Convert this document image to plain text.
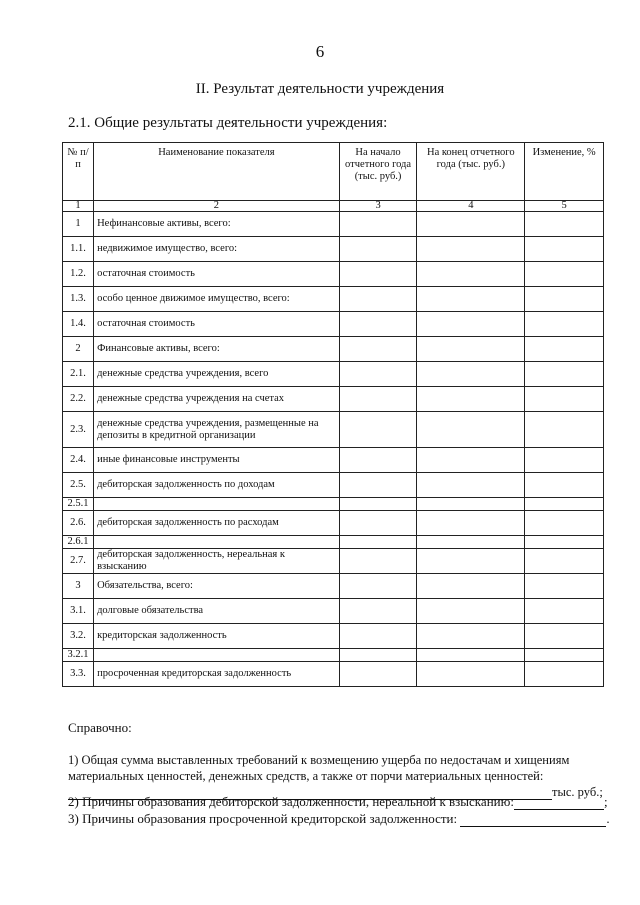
6
II. Результат деятельности учреждения
2.1. Общие результаты деятельности учреждения:
№ п/п	Наименование показателя	На начало отчетного года (тыс. руб.)	На конец отчетного года (тыс. руб.)	Изменение, %
1	2	3	4	5
1	Нефинансовые активы, всего:			
1.1.	недвижимое имущество, всего:			
1.2.	остаточная стоимость			
1.3.	особо ценное движимое имущество, всего:			
1.4.	остаточная стоимость			
2	Финансовые активы, всего:			
2.1.	денежные средства учреждения, всего			
2.2.	денежные средства учреждения на счетах			
2.3.	денежные средства учреждения, размещенные на депозиты в кредитной организации			
2.4.	иные финансовые инструменты			
2.5.	дебиторская задолженность по доходам			
2.5.1				
2.6.	дебиторская задолженность по расходам			
2.6.1				
2.7.	дебиторская задолженность, нереальная к взысканию			
3	Обязательства, всего:			
3.1.	долговые обязательства			
3.2.	кредиторская задолженность			
3.2.1				
3.3.	просроченная кредиторская задолженность			
Справочно:
1) Общая сумма выставленных требований к возмещению ущерба по недостачам и хищениям материальных ценностей, денежных средств, а также от порчи материальных ценностей:
тыс. руб.;
2) Причины образования дебиторской задолженности, нереальной к взысканию:	;
3) Причины образования просроченной кредиторской задолженности:	.
